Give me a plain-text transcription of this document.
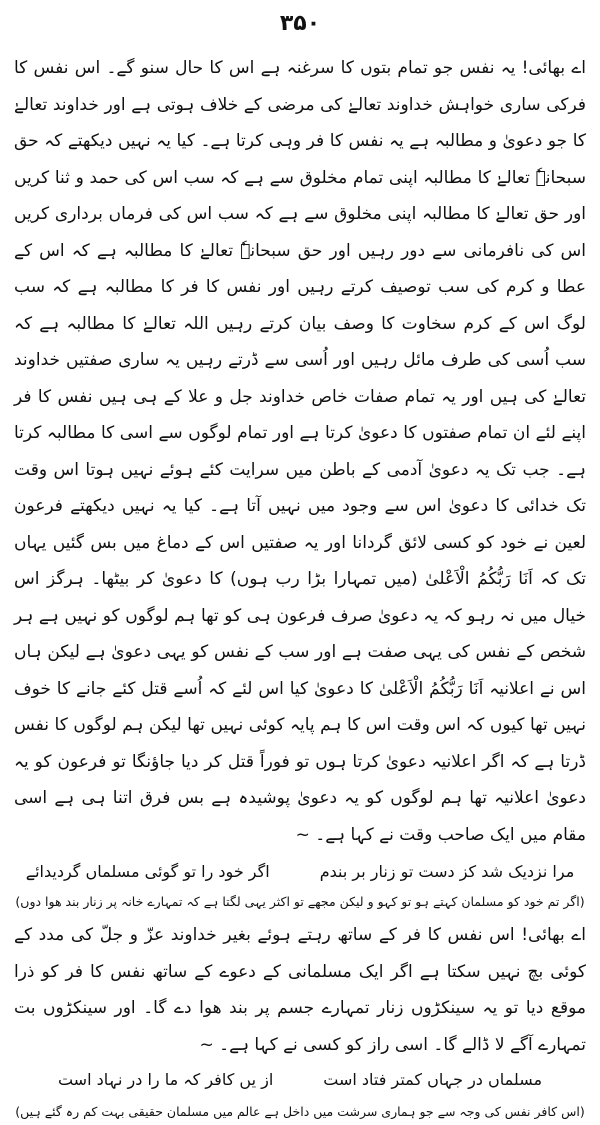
۳۵۰

اے بھائی! یہ نفس جو تمام بتوں کا سرغنہ ہے اس کا حال سنو گے۔ اس نفس کا فرکی ساری خواہش خداوند تعالےٰ کی مرضی کے خلاف ہوتی ہے اور خداوند تعالےٰ کا جو دعویٰ و مطالبہ ہے یہ نفس کا فر وہی کرتا ہے۔ کیا یہ نہیں دیکھتے کہ حق سبحانہٗ تعالےٰ کا مطالبہ اپنی تمام مخلوق سے ہے کہ سب اس کی حمد و ثنا کریں اور حق تعالےٰ کا مطالبہ اپنی مخلوق سے ہے کہ سب اس کی فرماں برداری کریں اس کی نافرمانی سے دور رہیں اور حق سبحانہٗ تعالےٰ کا مطالبہ ہے کہ اس کے عطا و کرم کی سب توصیف کرتے رہیں اور نفس کا فر کا مطالبہ ہے کہ سب لوگ اس کے کرم سخاوت کا وصف بیان کرتے رہیں اللہ تعالےٰ کا مطالبہ ہے کہ سب اُسی کی طرف مائل رہیں اور اُسی سے ڈرتے رہیں یہ ساری صفتیں خداوند تعالےٰ کی ہیں اور یہ تمام صفات خاص خداوند جل و علا کے ہی ہیں نفس کا فر اپنے لئے ان تمام صفتوں کا دعویٰ کرتا ہے اور تمام لوگوں سے اسی کا مطالبہ کرتا ہے۔ جب تک یہ دعویٰ آدمی کے باطن میں سرایت کئے ہوئے نہیں ہوتا اس وقت تک خدائی کا دعویٰ اس سے وجود میں نہیں آتا ہے۔ کیا یہ نہیں دیکھتے فرعون لعین نے خود کو کسی لائق گردانا اور یہ صفتیں اس کے دماغ میں بس گئیں یہاں تک کہ اَنَا رَبُّکُمُ الْاَعْلیٰ (میں تمہارا بڑا رب ہوں) کا دعویٰ کر بیٹھا۔ ہرگز اس خیال میں نہ رہو کہ یہ دعویٰ صرف فرعون ہی کو تھا ہم لوگوں کو نہیں ہے ہر شخص کے نفس کی یہی صفت ہے اور سب کے نفس کو یہی دعویٰ ہے لیکن ہاں اس نے اعلانیہ اَنَا رَبُّکُمُ الْاَعْلیٰ کا دعویٰ کیا اس لئے کہ اُسے قتل کئے جانے کا خوف نہیں تھا کیوں کہ اس وقت اس کا ہم پایہ کوئی نہیں تھا لیکن ہم لوگوں کا نفس ڈرتا ہے کہ اگر اعلانیہ دعویٰ کرتا ہوں تو فوراً قتل کر دیا جاؤنگا تو فرعون کو یہ دعویٰ اعلانیہ تھا ہم لوگوں کو یہ دعویٰ پوشیدہ ہے بس فرق اتنا ہی ہے اسی مقام میں ایک صاحب وقت نے کہا ہے۔ ~

اگر خود را تو گوئی مسلماں گردیدائے	مرا نزدیک شد کز دست تو زنار بر بندم

(اگر تم خود کو مسلمان کہتے ہو تو کہو و لیکن مجھے تو اکثر یہی لگتا ہے کہ تمہارے خانہ پر زنار بند ھوا دوں)

اے بھائی! اس نفس کا فر کے ساتھ رہتے ہوئے بغیر خداوند عزّ و جلّ کی مدد کے کوئی بچ نہیں سکتا ہے اگر ایک مسلمانی کے دعوے کے ساتھ نفس کا فر کو ذرا موقع دیا تو یہ سینکڑوں زنار تمہارے جسم پر بند ھوا دے گا۔ اور سینکڑوں بت تمہارے آگے لا ڈالے گا۔ اسی راز کو کسی نے کہا ہے۔ ~

از یں کافر کہ ما را در نہاد است	مسلماں در جہاں کمتر فتاد است

(اس کافر نفس کی وجہ سے جو ہماری سرشت میں داخل ہے عالم میں مسلمان حقیقی بہت کم رہ گئے ہیں)
